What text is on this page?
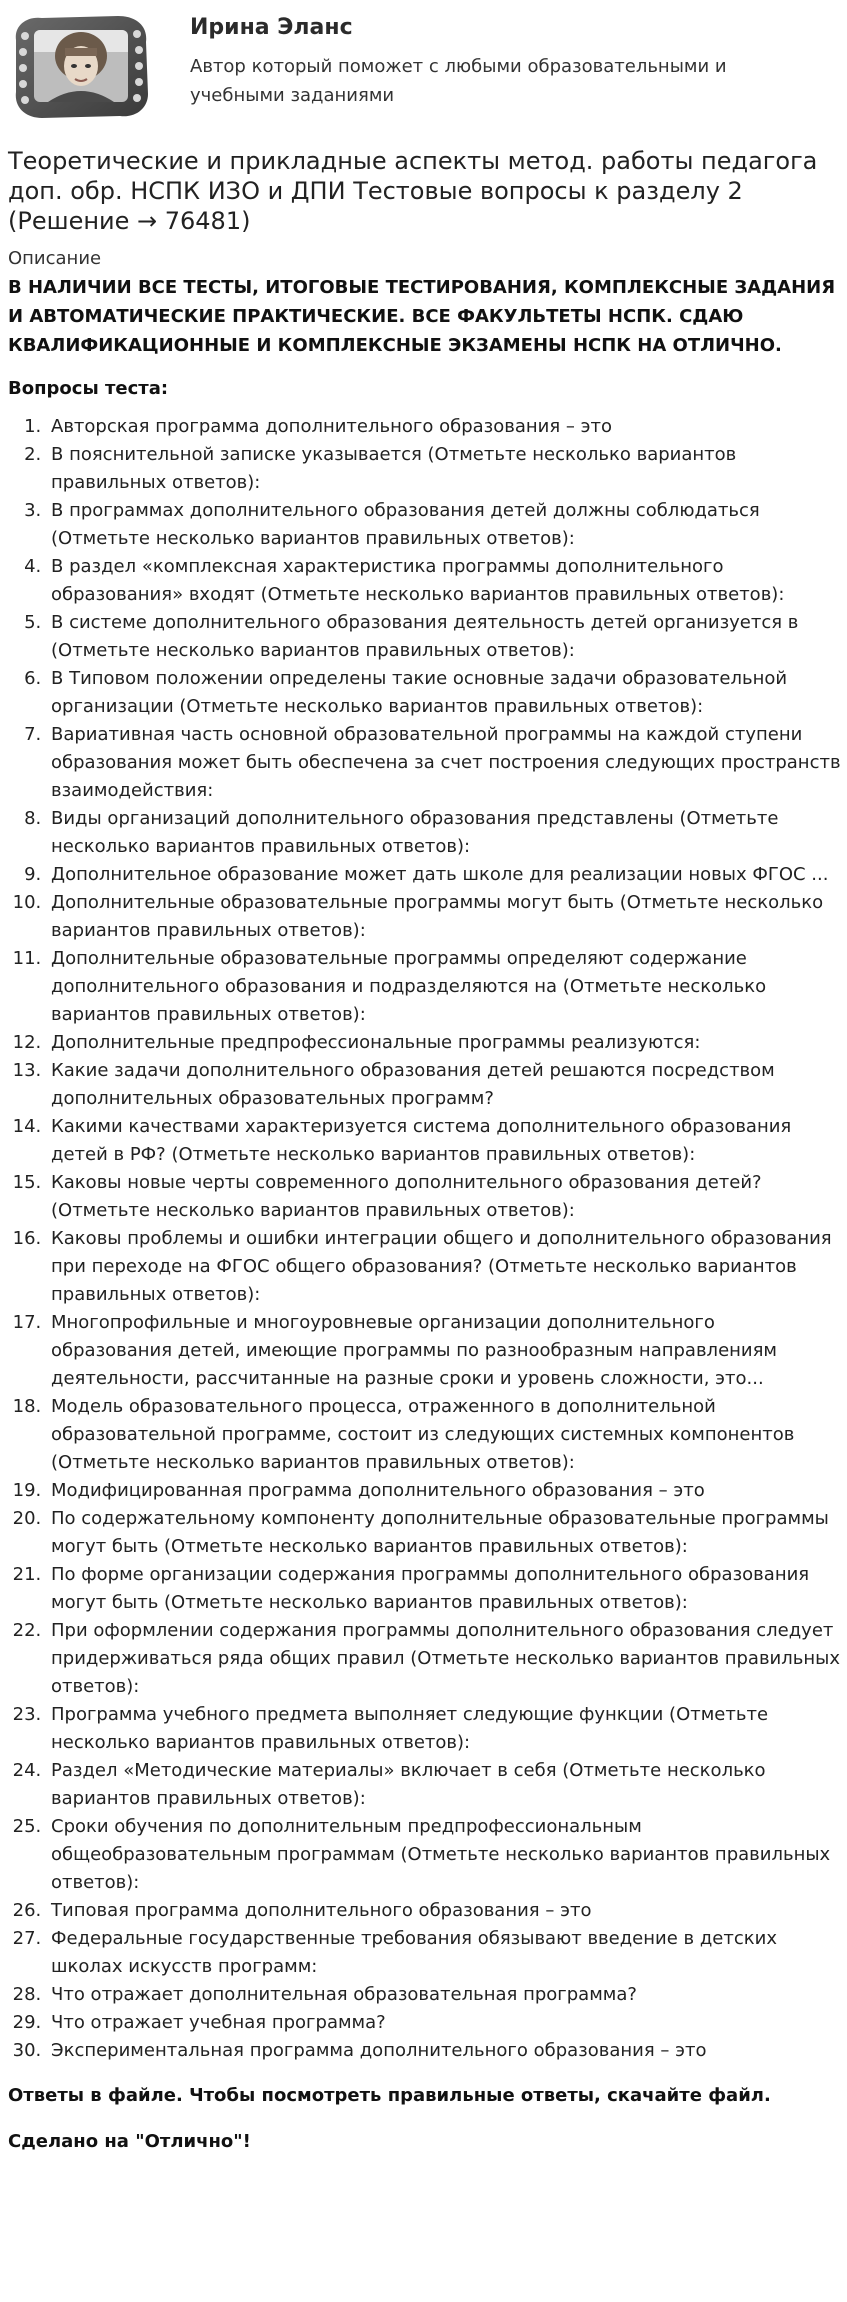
Ирина Эланс
Автор который поможет с любыми образовательными и учебными заданиями
Теоретические и прикладные аспекты метод. работы педагога доп. обр. НСПК ИЗО и ДПИ Тестовые вопросы к разделу 2 (Решение → 76481)
Описание
В НАЛИЧИИ ВСЕ ТЕСТЫ, ИТОГОВЫЕ ТЕСТИРОВАНИЯ, КОМПЛЕКСНЫЕ ЗАДАНИЯ И АВТОМАТИЧЕСКИЕ ПРАКТИЧЕСКИЕ. ВСЕ ФАКУЛЬТЕТЫ НСПК. СДАЮ КВАЛИФИКАЦИОННЫЕ И КОМПЛЕКСНЫЕ ЭКЗАМЕНЫ НСПК НА ОТЛИЧНО.
Вопросы теста:
1. Авторская программа дополнительного образования – это
2. В пояснительной записке указывается (Отметьте несколько вариантов правильных ответов):
3. В программах дополнительного образования детей должны соблюдаться (Отметьте несколько вариантов правильных ответов):
4. В раздел «комплексная характеристика программы дополнительного образования» входят (Отметьте несколько вариантов правильных ответов):
5. В системе дополнительного образования деятельность детей организуется в (Отметьте несколько вариантов правильных ответов):
6. В Типовом положении определены такие основные задачи образовательной организации (Отметьте несколько вариантов правильных ответов):
7. Вариативная часть основной образовательной программы на каждой ступени образования может быть обеспечена за счет построения следующих пространств взаимодействия:
8. Виды организаций дополнительного образования представлены (Отметьте несколько вариантов правильных ответов):
9. Дополнительное образование может дать школе для реализации новых ФГОС ...
10. Дополнительные образовательные программы могут быть (Отметьте несколько вариантов правильных ответов):
11. Дополнительные образовательные программы определяют содержание дополнительного образования и подразделяются на (Отметьте несколько вариантов правильных ответов):
12. Дополнительные предпрофессиональные программы реализуются:
13. Какие задачи дополнительного образования детей решаются посредством дополнительных образовательных программ?
14. Какими качествами характеризуется система дополнительного образования детей в РФ? (Отметьте несколько вариантов правильных ответов):
15. Каковы новые черты современного дополнительного образования детей? (Отметьте несколько вариантов правильных ответов):
16. Каковы проблемы и ошибки интеграции общего и дополнительного образования при переходе на ФГОС общего образования? (Отметьте несколько вариантов правильных ответов):
17. Многопрофильные и многоуровневые организации дополнительного образования детей, имеющие программы по разнообразным направлениям деятельности, рассчитанные на разные сроки и уровень сложности, это...
18. Модель образовательного процесса, отраженного в дополнительной образовательной программе, состоит из следующих системных компонентов (Отметьте несколько вариантов правильных ответов):
19. Модифицированная программа дополнительного образования – это
20. По содержательному компоненту дополнительные образовательные программы могут быть (Отметьте несколько вариантов правильных ответов):
21. По форме организации содержания программы дополнительного образования могут быть (Отметьте несколько вариантов правильных ответов):
22. При оформлении содержания программы дополнительного образования следует придерживаться ряда общих правил (Отметьте несколько вариантов правильных ответов):
23. Программа учебного предмета выполняет следующие функции (Отметьте несколько вариантов правильных ответов):
24. Раздел «Методические материалы» включает в себя (Отметьте несколько вариантов правильных ответов):
25. Сроки обучения по дополнительным предпрофессиональным общеобразовательным программам (Отметьте несколько вариантов правильных ответов):
26. Типовая программа дополнительного образования – это
27. Федеральные государственные требования обязывают введение в детских школах искусств программ:
28. Что отражает дополнительная образовательная программа?
29. Что отражает учебная программа?
30. Экспериментальная программа дополнительного образования – это
Ответы в файле. Чтобы посмотреть правильные ответы, скачайте файл.
Сделано на "Отлично"!
